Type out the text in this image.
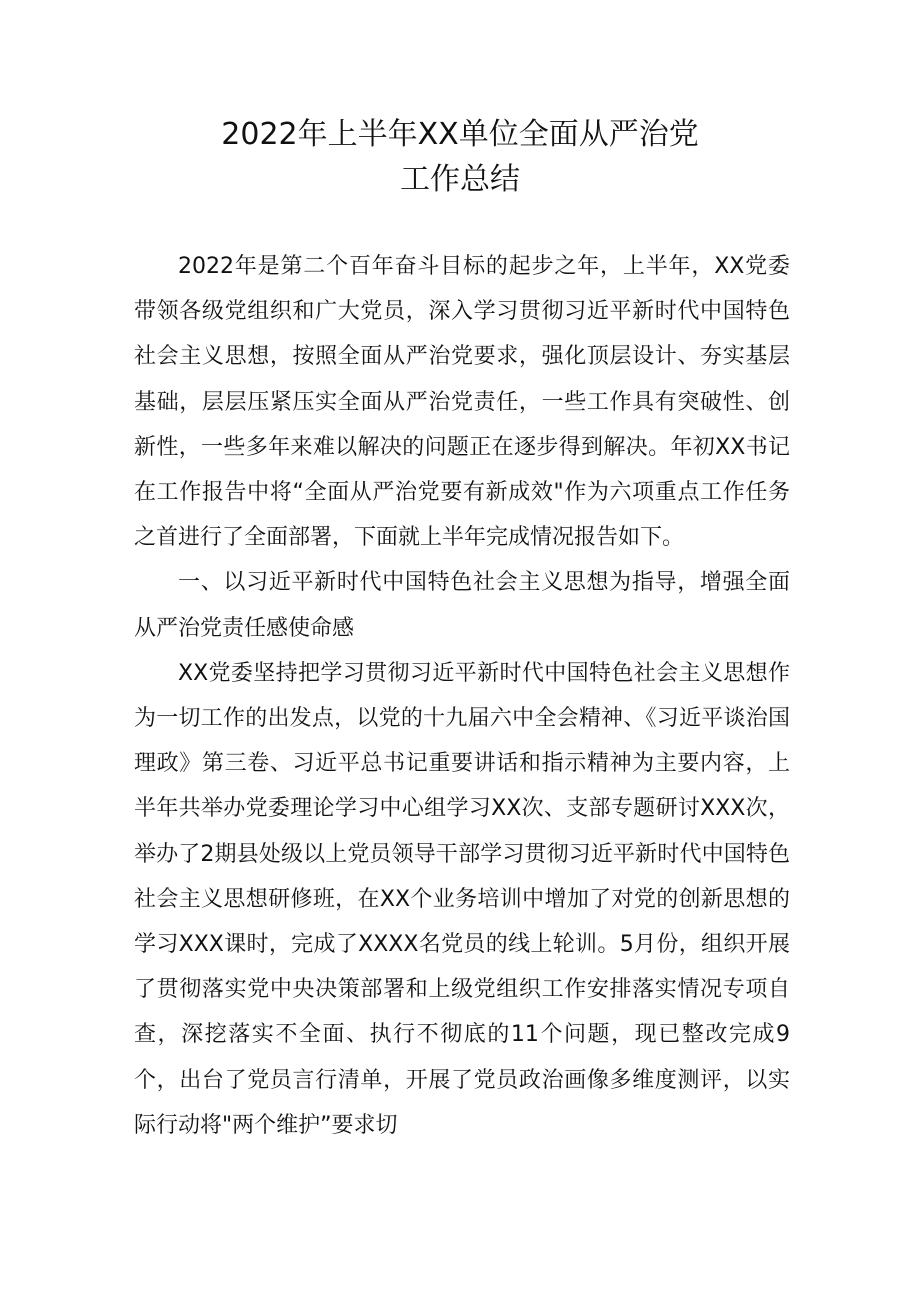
2022年上半年XX单位全面从严治党
工作总结

2022年是第二个百年奋斗目标的起步之年，上半年，XX党委带领各级党组织和广大党员，深入学习贯彻习近平新时代中国特色社会主义思想，按照全面从严治党要求，强化顶层设计、夯实基层基础，层层压紧压实全面从严治党责任，一些工作具有突破性、创新性，一些多年来难以解决的问题正在逐步得到解决。年初XX书记在工作报告中将“全面从严治党要有新成效"作为六项重点工作任务之首进行了全面部署，下面就上半年完成情况报告如下。

一、以习近平新时代中国特色社会主义思想为指导，增强全面从严治党责任感使命感

XX党委坚持把学习贯彻习近平新时代中国特色社会主义思想作为一切工作的出发点，以党的十九届六中全会精神、《习近平谈治国理政》第三卷、习近平总书记重要讲话和指示精神为主要内容，上半年共举办党委理论学习中心组学习XX次、支部专题研讨XXX次，举办了2期县处级以上党员领导干部学习贯彻习近平新时代中国特色社会主义思想研修班，在XX个业务培训中增加了对党的创新思想的学习XXX课时，完成了XXXX名党员的线上轮训。5月份，组织开展了贯彻落实党中央决策部署和上级党组织工作安排落实情况专项自查，深挖落实不全面、执行不彻底的11个问题，现已整改完成9个，出台了党员言行清单，开展了党员政治画像多维度测评，以实际行动将"两个维护”要求切
